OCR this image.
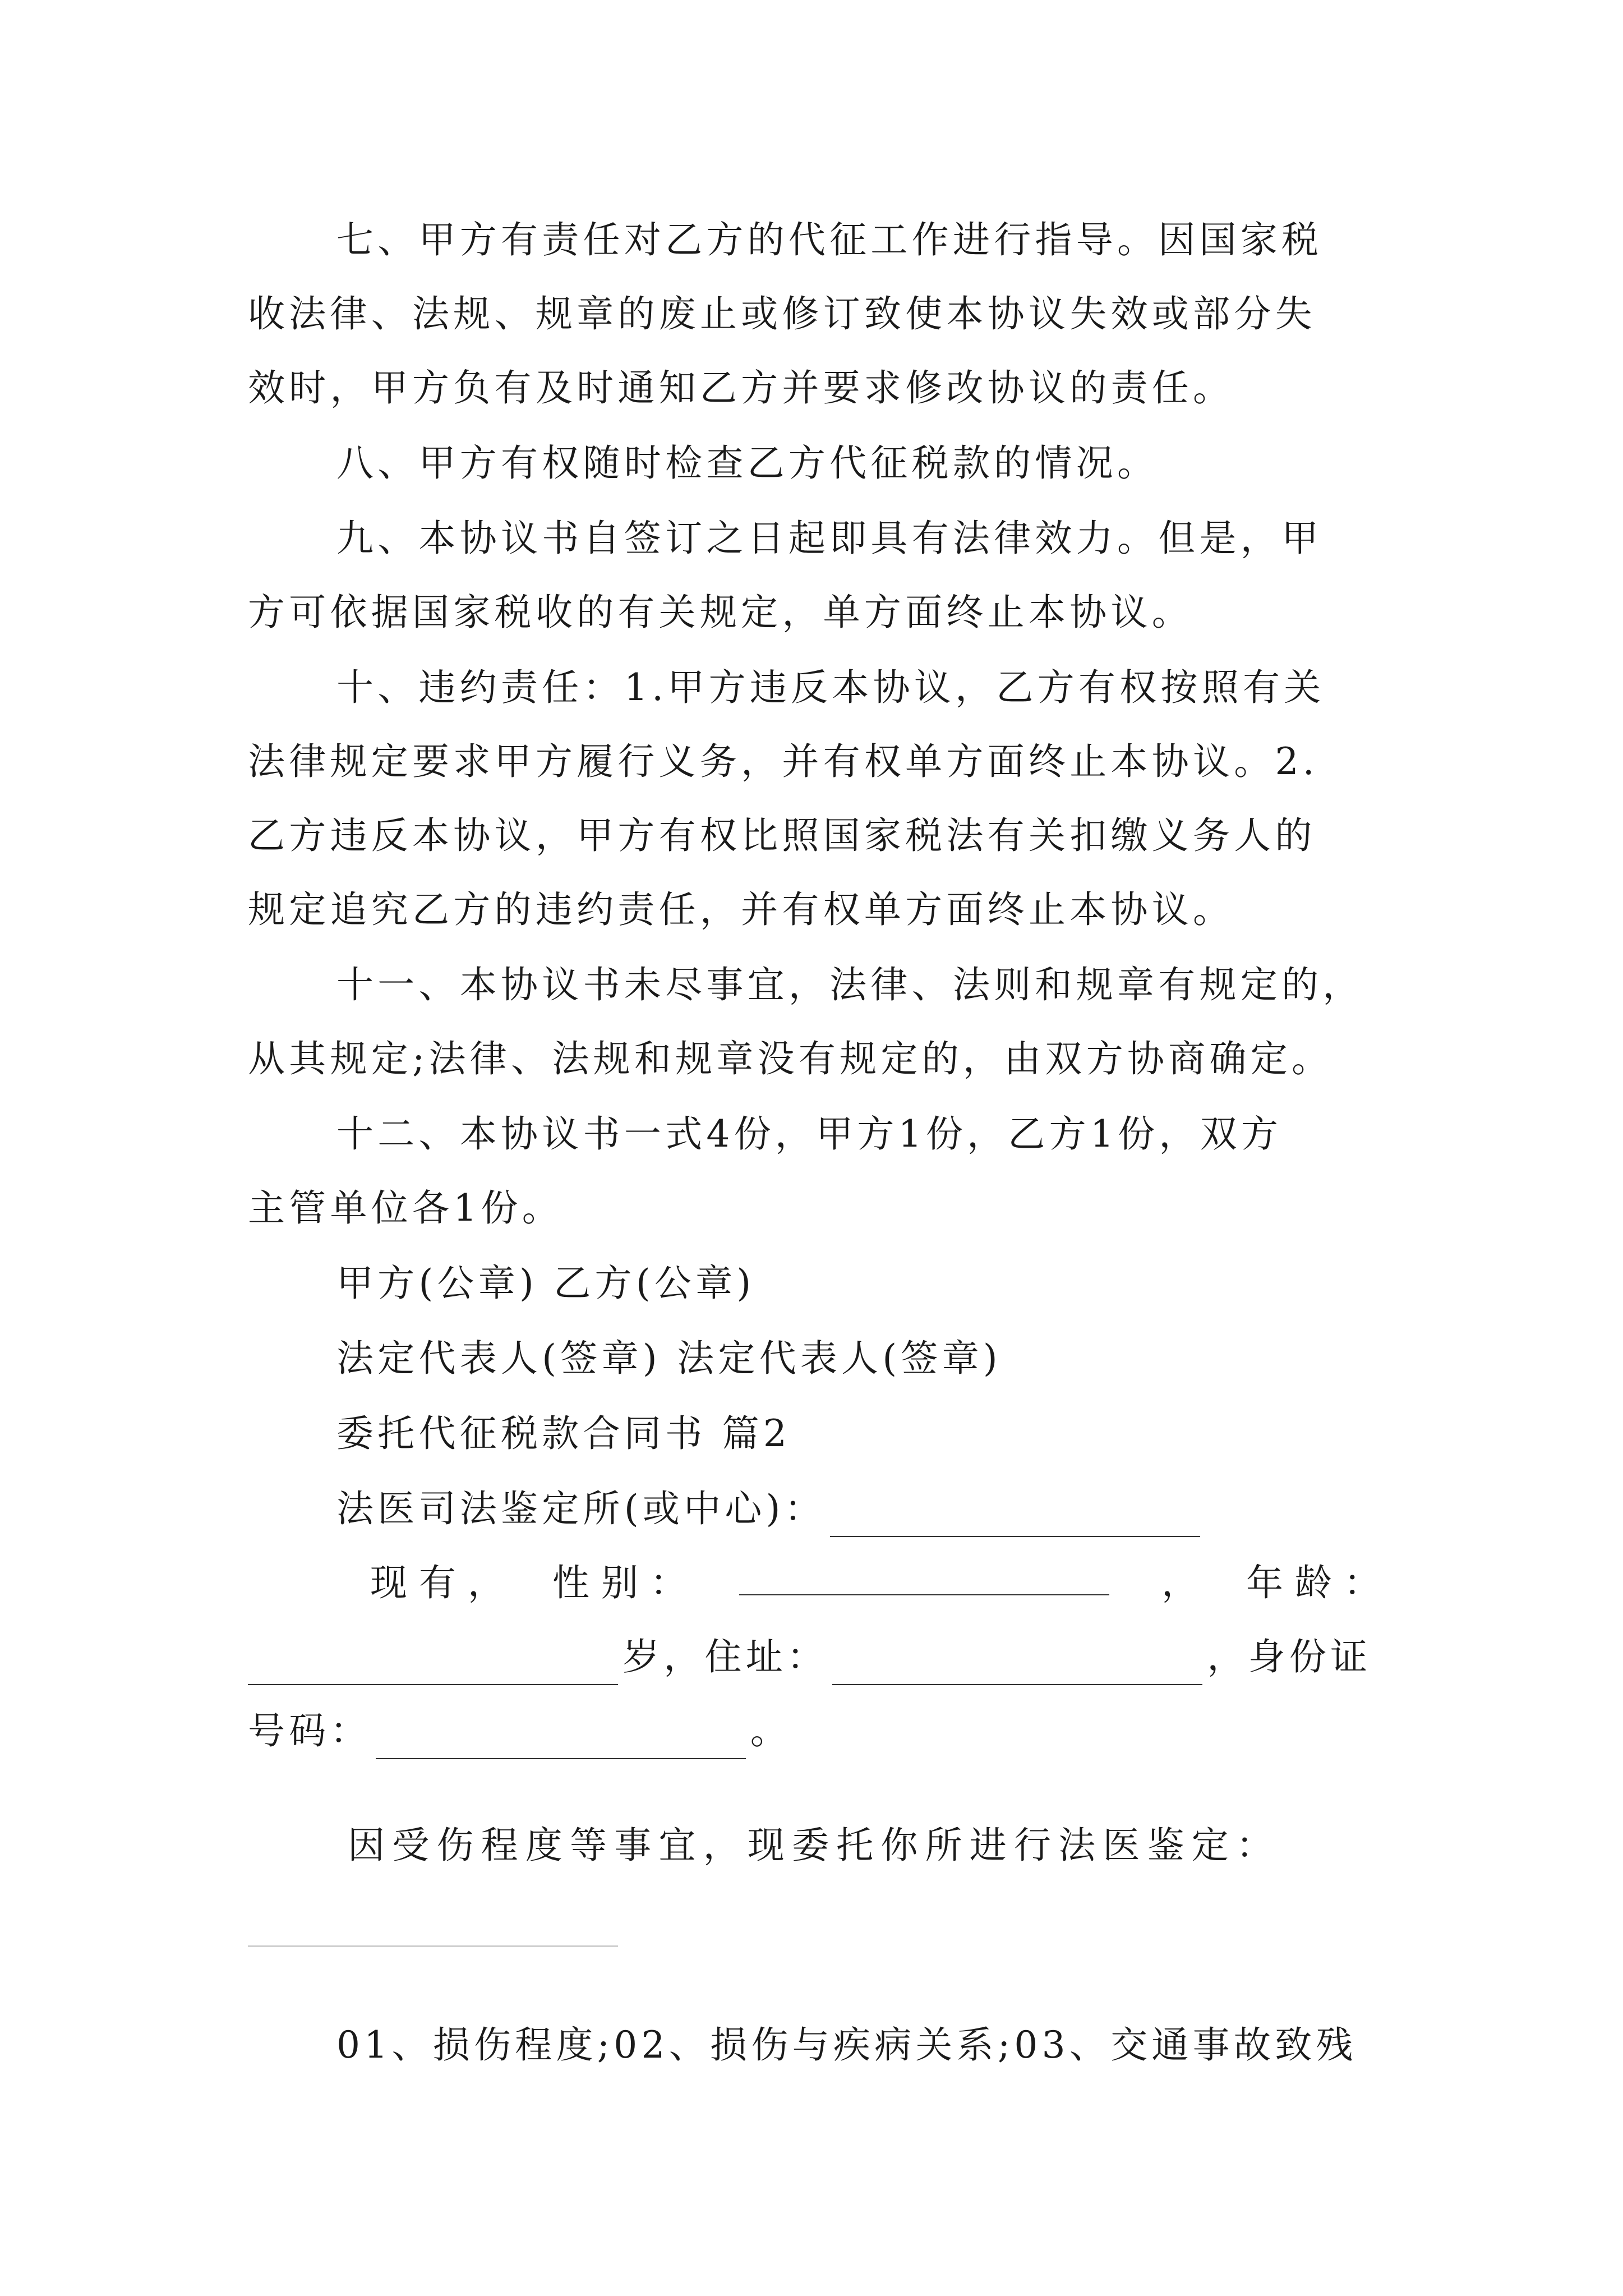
七、甲方有责任对乙方的代征工作进行指导。因国家税
收法律、法规、规章的废止或修订致使本协议失效或部分失
效时，甲方负有及时通知乙方并要求修改协议的责任。
八、甲方有权随时检查乙方代征税款的情况。
九、本协议书自签订之日起即具有法律效力。但是，甲
方可依据国家税收的有关规定，单方面终止本协议。
十、违约责任：1.甲方违反本协议，乙方有权按照有关
法律规定要求甲方履行义务，并有权单方面终止本协议。2.
乙方违反本协议，甲方有权比照国家税法有关扣缴义务人的
规定追究乙方的违约责任，并有权单方面终止本协议。
十一、本协议书未尽事宜，法律、法则和规章有规定的，
从其规定;法律、法规和规章没有规定的，由双方协商确定。
十二、本协议书一式4份，甲方1份，乙方1份，双方
主管单位各1份。
甲方(公章) 乙方(公章)
法定代表人(签章) 法定代表人(签章)
委托代征税款合同书 篇2
法医司法鉴定所(或中心)：
现 有 ， 性 别 ：	， 年 龄 ：
岁，住址：	，身份证
号码：	。
因受伤程度等事宜，现委托你所进行法医鉴定：
01、损伤程度;02、损伤与疾病关系;03、交通事故致残
